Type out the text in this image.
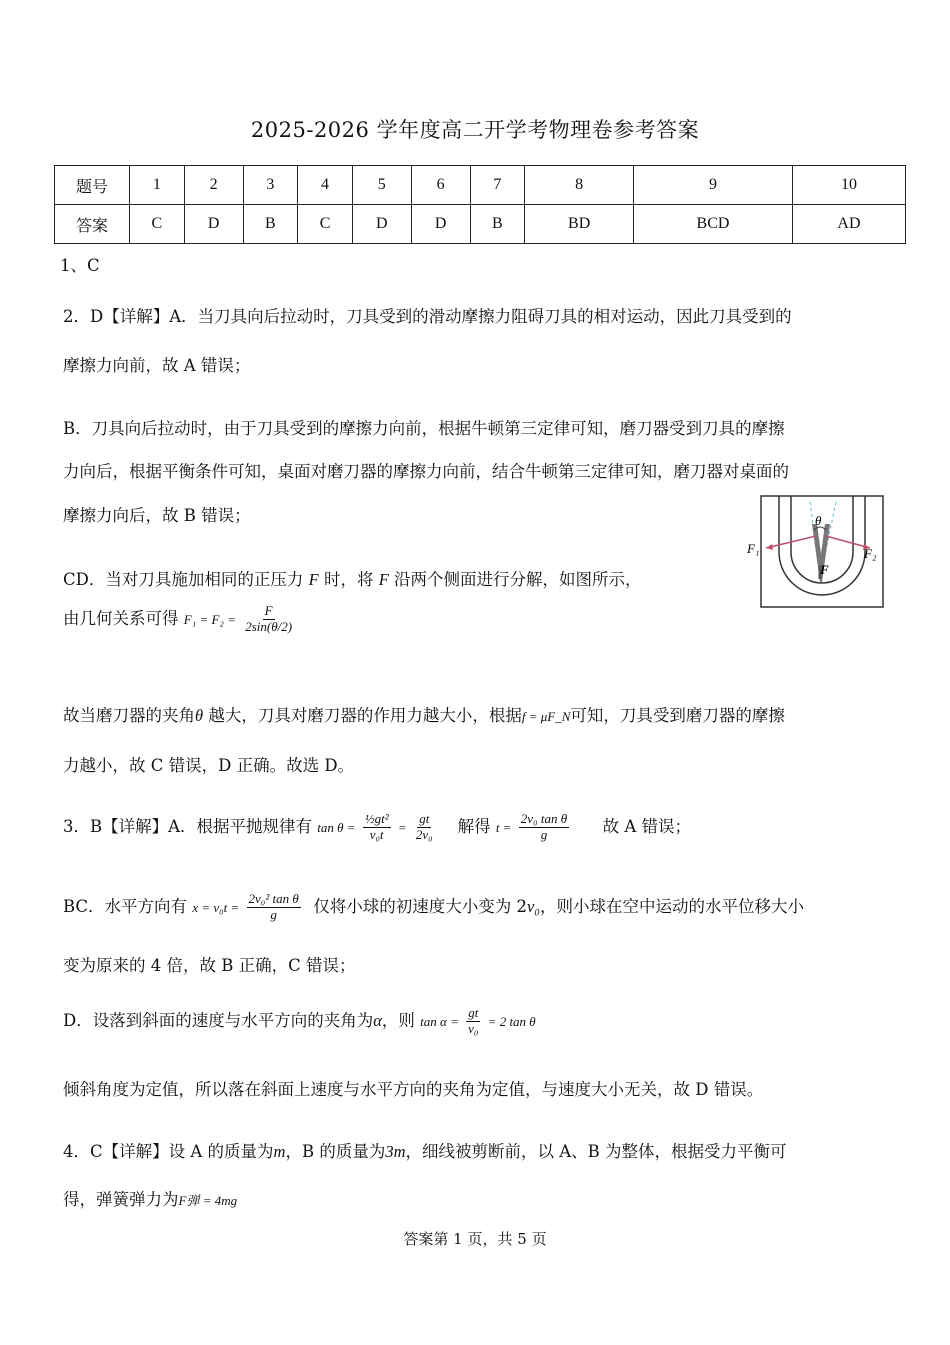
2025-2026 学年度高二开学考物理卷参考答案
题号	1	2	3	4	5	6	7	8	9	10
答案	C	D	B	C	D	D	B	BD	BCD	AD
1、C
2．D【详解】A．当刀具向后拉动时，刀具受到的滑动摩擦力阻碍刀具的相对运动，因此刀具受到的
摩擦力向前，故 A 错误；
B．刀具向后拉动时，由于刀具受到的摩擦力向前，根据牛顿第三定律可知，磨刀器受到刀具的摩擦
力向后，根据平衡条件可知，桌面对磨刀器的摩擦力向前，结合牛顿第三定律可知，磨刀器对桌面的
摩擦力向后，故 B 错误；
CD．当对刀具施加相同的正压力 F 时，将 F 沿两个侧面进行分解，如图所示，
由几何关系可得 $F_1 = F_2 = \frac{F}{2\sin(\theta/2)}$
故当磨刀器的夹角θ 越大，刀具对磨刀器的作用力越大小，根据f = μF_N可知，刀具受到磨刀器的摩擦
力越小，故 C 错误，D 正确。故选 D。
3．B【详解】A．根据平抛规律有 $\tan \theta = \frac{\text{½gt²}}{\text{v₀t}} = \frac{gt}{\text{2v₀}}$ 解得 $t = \frac{\text{2v₀ tan θ}}{g}$ 故 A 错误；
BC．水平方向有 $x = v_0t = \frac{\text{2v₀² tan θ}}{g}$ 仅将小球的初速度大小变为 2v₀，则小球在空中运动的水平位移大小
变为原来的 4 倍，故 B 正确，C 错误；
D．设落到斜面的速度与水平方向的夹角为α，则 $\tan \alpha = \frac{gt}{\text{v₀}} = 2$ tan θ
倾斜角度为定值，所以落在斜面上速度与水平方向的夹角为定值，与速度大小无关，故 D 错误。
4．C【详解】设 A 的质量为m，B 的质量为3m，细线被剪断前，以 A、B 为整体，根据受力平衡可
得，弹簧弹力为F弹 = 4mg
θ
F₁	F₂
F
答案第 1 页，共 5 页
